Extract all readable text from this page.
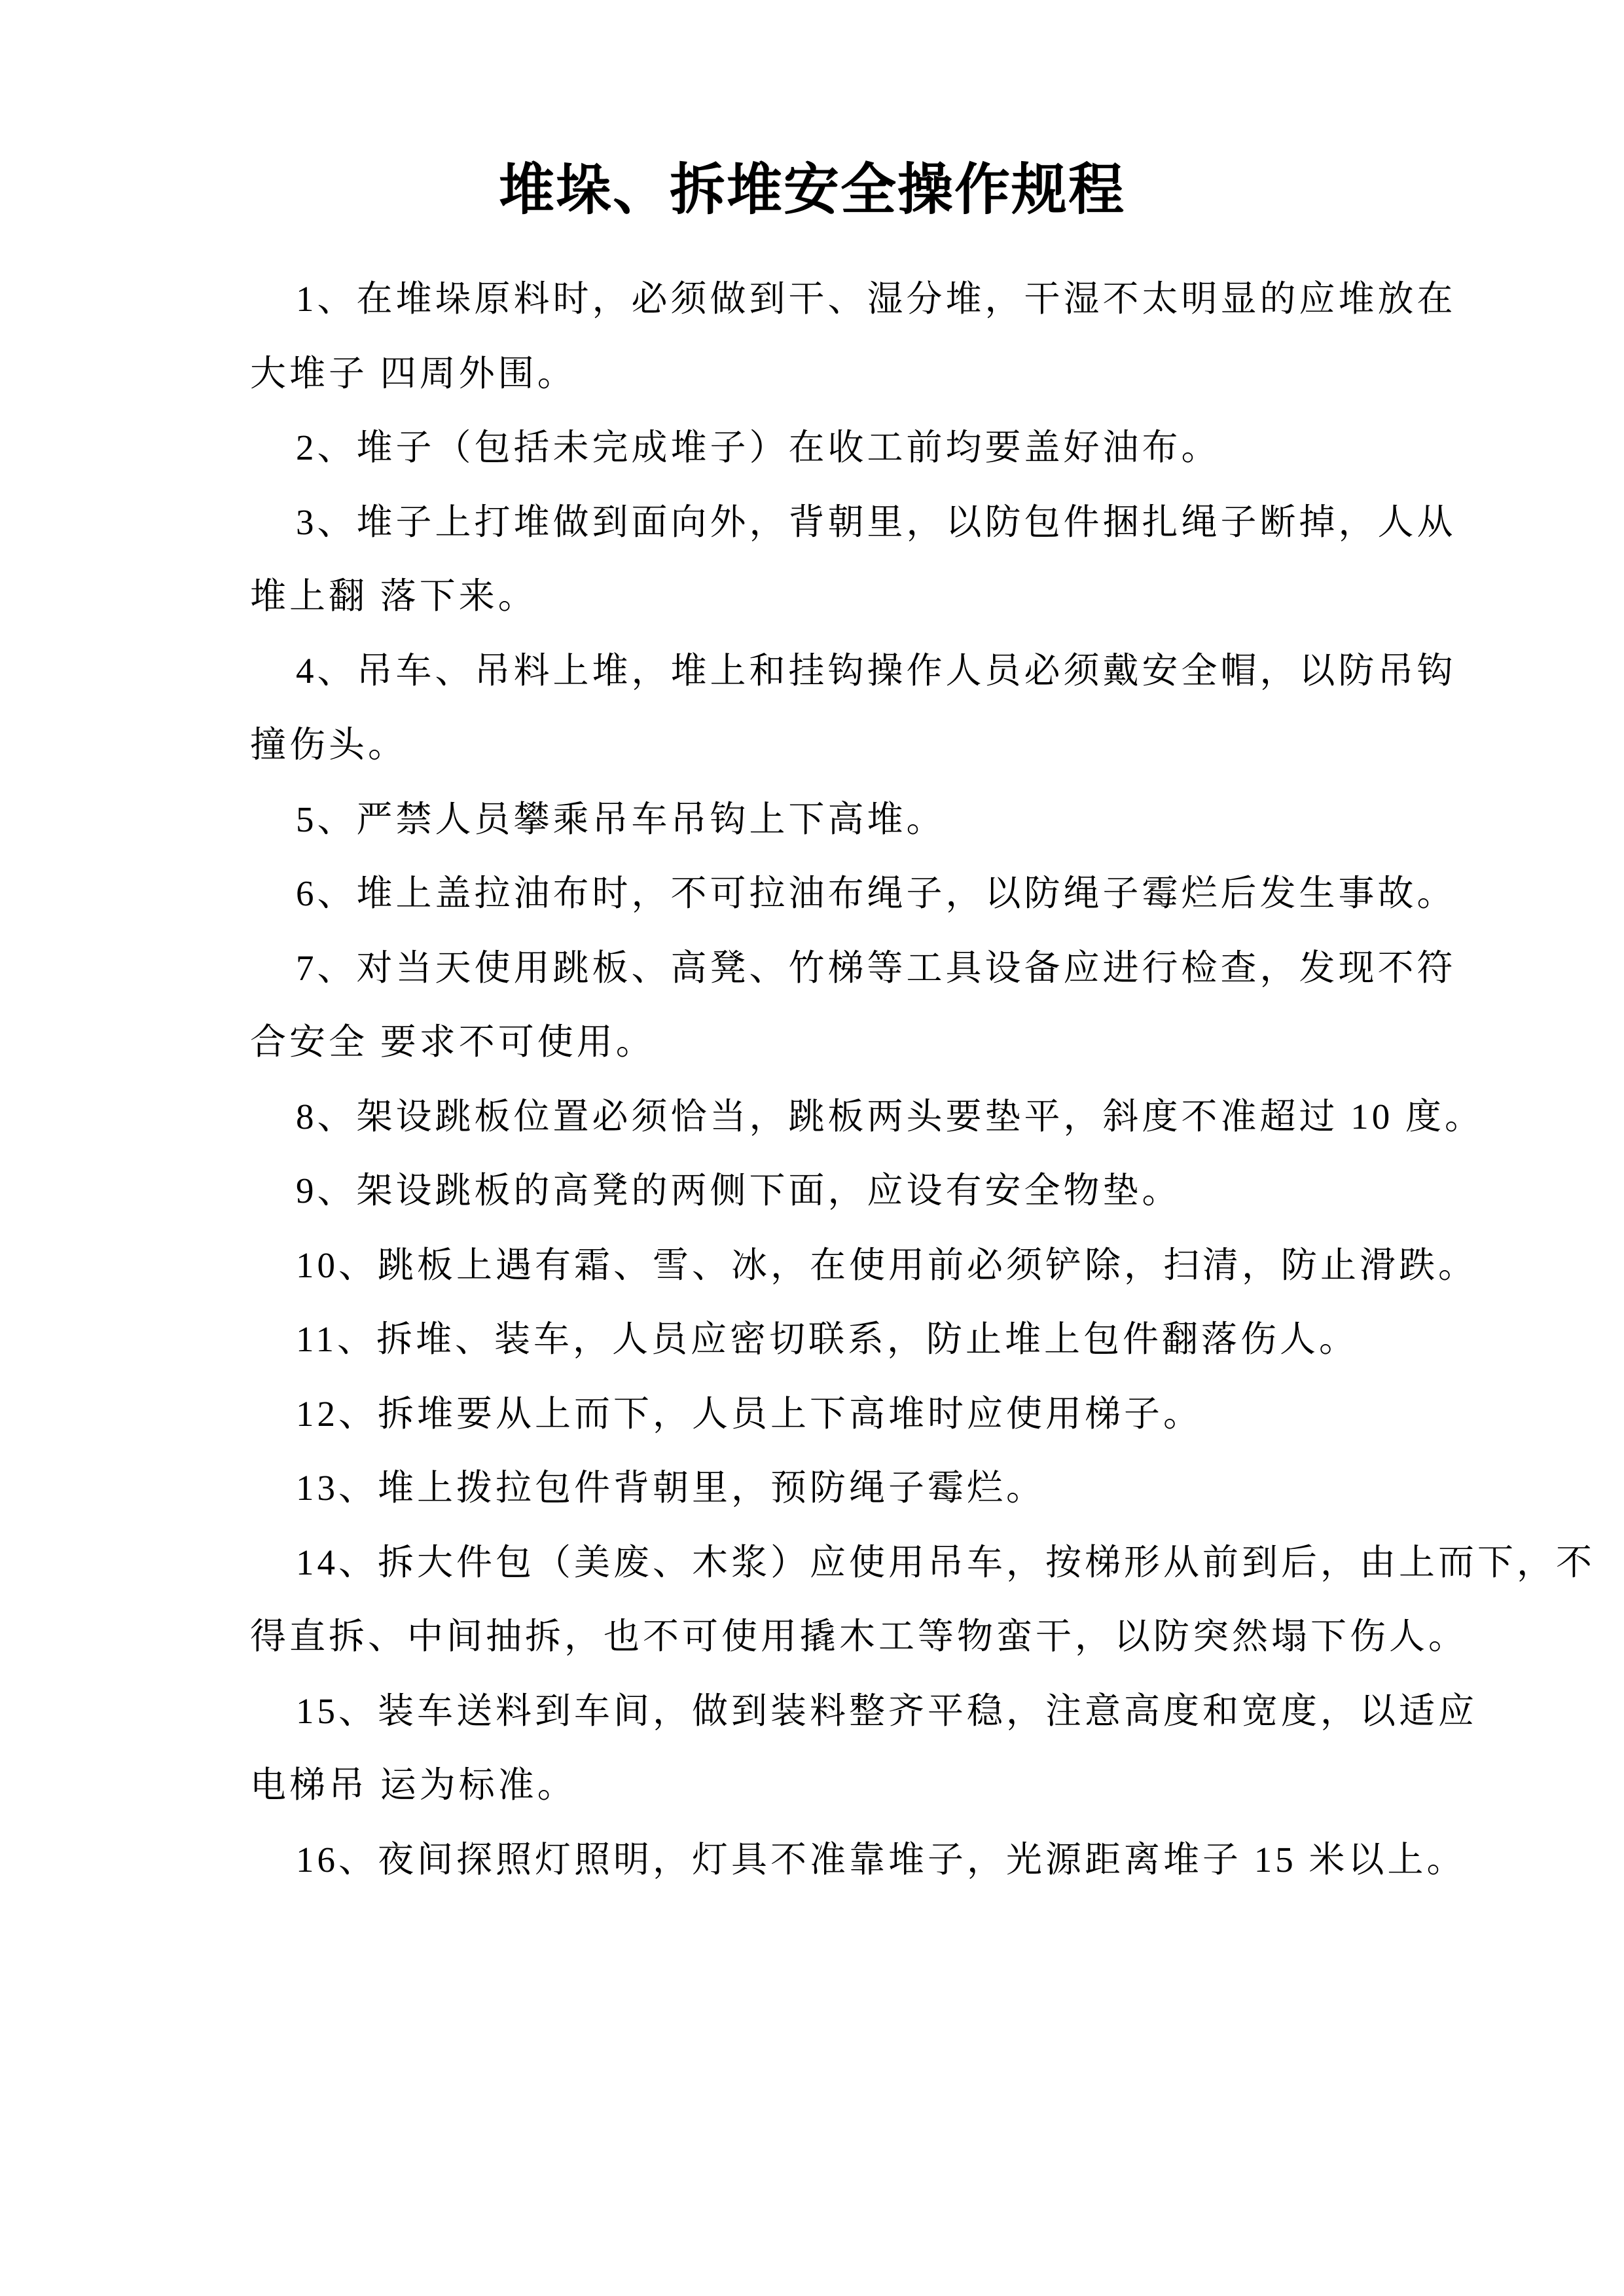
堆垛、拆堆安全操作规程
1、在堆垛原料时，必须做到干、湿分堆，干湿不太明显的应堆放在
大堆子 四周外围。
2、堆子（包括未完成堆子）在收工前均要盖好油布。
3、堆子上打堆做到面向外，背朝里，以防包件捆扎绳子断掉，人从
堆上翻 落下来。
4、吊车、吊料上堆，堆上和挂钩操作人员必须戴安全帽，以防吊钩
撞伤头。
5、严禁人员攀乘吊车吊钩上下高堆。
6、堆上盖拉油布时，不可拉油布绳子，以防绳子霉烂后发生事故。
7、对当天使用跳板、高凳、竹梯等工具设备应进行检查，发现不符
合安全 要求不可使用。
8、架设跳板位置必须恰当，跳板两头要垫平，斜度不准超过 10 度。
9、架设跳板的高凳的两侧下面，应设有安全物垫。
10、跳板上遇有霜、雪、冰，在使用前必须铲除，扫清，防止滑跌。
11、拆堆、装车，人员应密切联系，防止堆上包件翻落伤人。
12、拆堆要从上而下，人员上下高堆时应使用梯子。
13、堆上拨拉包件背朝里，预防绳子霉烂。
14、拆大件包（美废、木浆）应使用吊车，按梯形从前到后，由上而下，不
得直拆、中间抽拆，也不可使用撬木工等物蛮干，以防突然塌下伤人。
15、装车送料到车间，做到装料整齐平稳，注意高度和宽度，以适应
电梯吊 运为标准。
16、夜间探照灯照明，灯具不准靠堆子，光源距离堆子 15 米以上。
